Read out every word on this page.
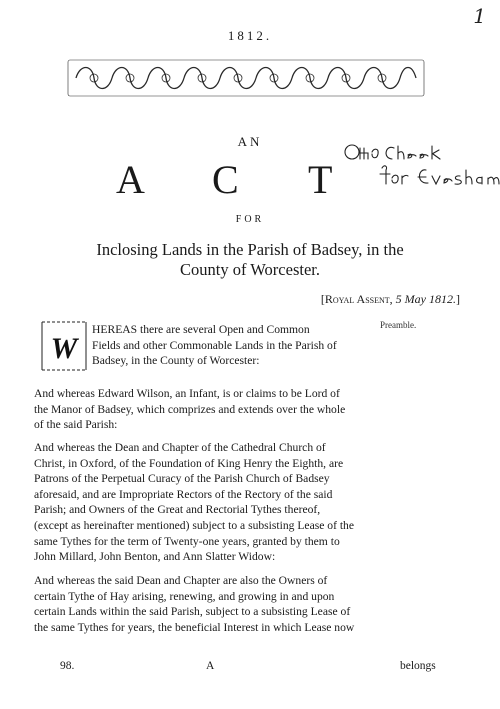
1
1812.
AN
A C T
FOR
Inclosing Lands in the Parish of Badsey, in the
County of Worcester.
[Royal Assent, 5 May 1812.]
W
Preamble.

HEREAS there are several Open and Common

Fields and other Commonable Lands in the Parish of

Badsey, in the County of Worcester:

And whereas Edward Wilson, an Infant, is or claims to be Lord of

the Manor of Badsey, which comprizes and extends over the whole

of the said Parish:

And whereas the Dean and Chapter of the Cathedral Church of

Christ, in Oxford, of the Foundation of King Henry the Eighth, are

Patrons of the Perpetual Curacy of the Parish Church of Badsey

aforesaid, and are Impropriate Rectors of the Rectory of the said

Parish; and Owners of the Great and Rectorial Tythes thereof,

(except as hereinafter mentioned) subject to a subsisting Lease of the

same Tythes for the term of Twenty-one years, granted by them to

John Millard, John Benton, and Ann Slatter Widow:

And whereas the said Dean and Chapter are also the Owners of

certain Tythe of Hay arising, renewing, and growing in and upon

certain Lands within the said Parish, subject to a subsisting Lease of

the same Tythes for years, the beneficial Interest in which Lease now

98.	A	belongs
